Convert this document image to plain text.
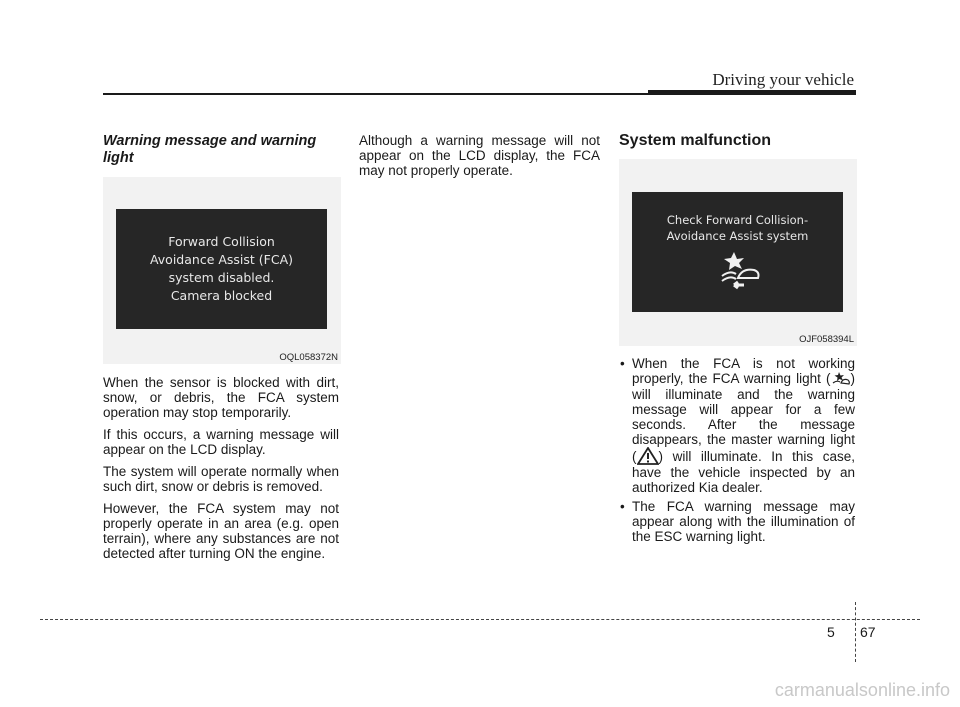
Driving your vehicle
Warning message and warning light
Forward Collision
Avoidance Assist (FCA)
system disabled.
Camera blocked
OQL058372N

When the sensor is blocked with dirt, snow, or debris, the FCA system operation may stop temporarily.

If this occurs, a warning message will appear on the LCD display.

The system will operate normally when such dirt, snow or debris is removed.

However, the FCA system may not properly operate in an area (e.g. open terrain), where any substances are not detected after turning ON the engine.

Although a warning message will not appear on the LCD display, the FCA may not properly operate.

System malfunction
Check Forward Collision-
Avoidance Assist system
OJF058394L
• When the FCA is not working properly, the FCA warning light ( ) will illuminate and the warning message will appear for a few seconds. After the message disappears, the master warning light ( ) will illuminate. In this case, have the vehicle inspected by an authorized Kia dealer.
• The FCA warning message may appear along with the illumination of the ESC warning light.
5 67
carmanualsonline.info
